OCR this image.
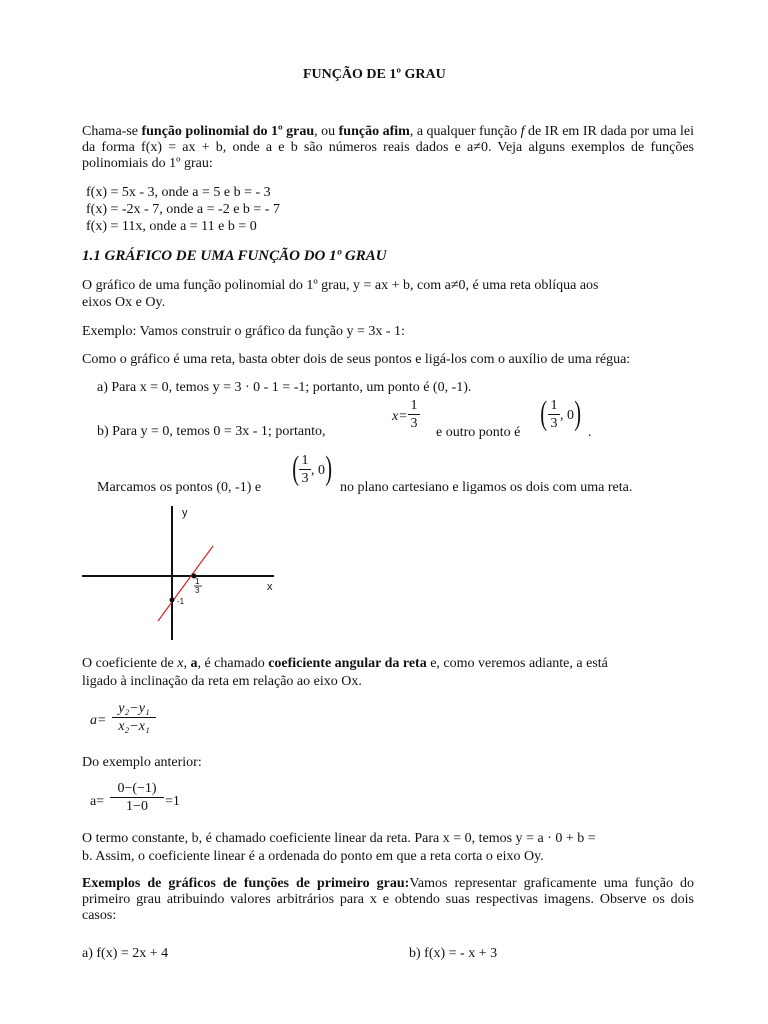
FUNÇÃO DE 1º GRAU
Chama-se função polinomial do 1º grau, ou função afim, a qualquer função f de IR em IR dada por uma lei da forma f(x) = ax + b, onde a e b são números reais dados e a≠0. Veja alguns exemplos de funções polinomiais do 1º grau:
f(x) = 5x - 3, onde a = 5 e b = - 3
f(x) = -2x - 7, onde a = -2 e b = - 7
f(x) = 11x, onde a = 11 e b = 0
1.1 GRÁFICO DE UMA FUNÇÃO DO 1º GRAU
O gráfico de uma função polinomial do 1º grau, y = ax + b, com a≠0, é uma reta oblíqua aos
eixos Ox e Oy.
Exemplo: Vamos construir o gráfico da função y = 3x - 1:
Como o gráfico é uma reta, basta obter dois de seus pontos e ligá-los com o auxílio de uma régua:
a) Para x = 0, temos y = 3 · 0 - 1 = -1; portanto, um ponto é (0, -1).
b) Para y = 0, temos 0 = 3x - 1; portanto,
x=
1
3
e outro ponto é
( 1
3
, 0 )
.
Marcamos os pontos (0, -1) e
( 1
3
, 0 )
no plano cartesiano e ligamos os dois com uma reta.
x
y
-1
1
3
O coeficiente de x, a, é chamado coeficiente angular da reta e, como veremos adiante, a está
ligado à inclinação da reta em relação ao eixo Ox.
a=
y₂−y₁
x₂−x₁
Do exemplo anterior:
a=
0−(−1)
1−0	=1
O termo constante, b, é chamado coeficiente linear da reta. Para x = 0, temos y = a · 0 + b =
b. Assim, o coeficiente linear é a ordenada do ponto em que a reta corta o eixo Oy.
Exemplos de gráficos de funções de primeiro grau:Vamos representar graficamente uma função do primeiro grau atribuindo valores arbitrários para x e obtendo suas respectivas imagens. Observe os dois casos:
a) f(x) = 2x + 4	b) f(x) = - x + 3
